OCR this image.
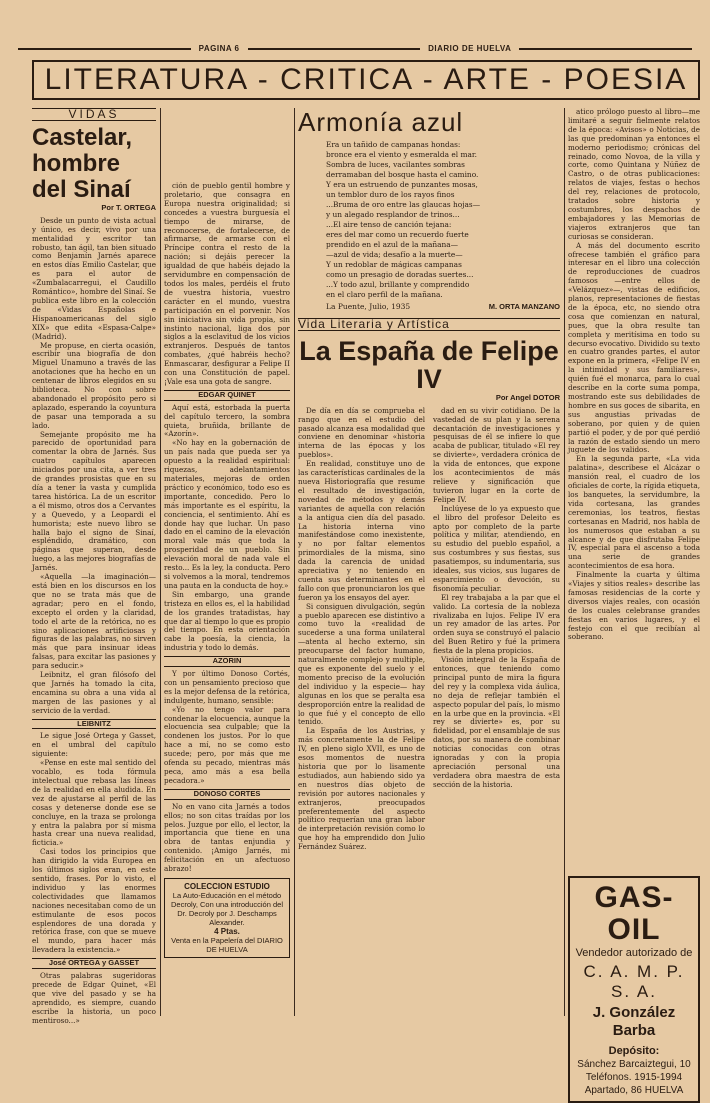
PAGINA 6	DIARIO DE HUELVA
LITERATURA - CRITICA - ARTE - POESIA
VIDAS
Castelar, hombre del Sinaí
Por T. ORTEGA

Desde un punto de vista actual y único, es decir, vivo por una mentalidad y escritor tan robusto, tan ágil, tan bien situado como Benjamín Jarnés aparece en estos días Emilio Castelar, que es para el autor de «Zumbalacarregui, el Caudillo Romántico», hombre del Sinaí. Se publica este libro en la colección de «Vidas Españolas e Hispanoamericanas del siglo XIX» que edita «Espasa-Calpe» (Madrid).

Me propuse, en cierta ocasión, escribir una biografía de don Miguel Unamuno a través de las anotaciones que ha hecho en un centenar de libros elegidos en su biblioteca. No con sobre abandonado el propósito pero si aplazado, esperando la coyuntura de pasar una temporada a su lado.

Semejante propósito me ha parecido de oportunidad para comentar la obra de Jarnés. Sus cuatro capítulos aparecen iniciados por una cita, a ver tres de grandes prosistas que en su día a tener la vasta y cumplida tarea histórica. La de un escritor a él mismo, otros dos a Cervantes y a Quevedo, y a Leopardi el humorista; este nuevo libro se halla bajo el signo de Sinaí, espléndido, dramático, con páginas que superan, desde luego, a las mejores biografías de Jarnés.

«Aquella —la imaginación— está bien en los discursos en los que no se trata más que de agradar; pero en el fondo, excepto el orden y la claridad, todo el arte de la retórica, no es sino aplicaciones artificiosas y figuras de las palabras, no sirven más que para insinuar ideas falsas, para excitar las pasiones y para seducir.»

Leibnitz, el gran filósofo del que Jarnés ha tomado la cita, encamina su obra a una vida al margen de las pasiones y al servicio de la verdad.

LEIBNITZ

Le sigue José Ortega y Gasset, en el umbral del capítulo siguiente:

«Pense en este mal sentido del vocablo, es toda fórmula intelectual que rebasa las líneas de la realidad en ella aludida. En vez de ajustarse al perfil de las cosas y detenerse donde ese se concluye, en la traza se prolonga y entra la palabra por sí misma hasta crear una nueva realidad, ficticia.»

Casi todos los principios que han dirigido la vida Europea en los últimos siglos eran, en este sentido, frases. Por lo visto, el individuo y las enormes colectividades que llamamos naciones necesitaban como de un estimulante de esos pocos esplendores de una dorada y retórica frase, con que se mueve el mundo, para hacer más llevadera la existencia.»

José ORTEGA y GASSET

Otras palabras sugeridoras precede de Edgar Quinet, «El que vive del pasado y se ha aprendido, es siempre, cuando escribe la historia, un poco mentiroso...»

ción de pueblo gentil hombre y proletario, que consagra en Europa nuestra originalidad; si concedes a vuestra burguesía el tiempo de mirarse, de reconocerse, de fortalecerse, de afirmarse, de armarse con el Príncipe contra el resto de la nación; si dejáis perecer la igualdad de que habéis dejado la servidumbre en compensación de todos los males, perdéis el fruto de vuestra historia, vuestro carácter en el mundo, vuestra participación en el porvenir. Nos sin iniciativa sin vida propia, sin instinto nacional, liga dos por siglos a la esclavitud de los vicios extranjeros. Después de tantos combates, ¿qué habréis hecho? Enmascarar, desfigurar a Felipe II con una Constitución de papel. ¡Vale esa una gota de sangre.

EDGAR QUINET

Aquí está, estorbada la puerta del capítulo tercero, la sombra quieta, bruñida, brillante de «Azorín».

«No hay en la gobernación de un país nada que pueda ser ya opuesto a la realidad espiritual: riquezas, adelantamientos materiales, mejoras de orden práctico y económico, todo eso es importante, concedido. Pero lo más importante es el espíritu, la conciencia, el sentimiento. Ahí es donde hay que luchar. Un paso dado en el camino de la elevación moral vale más que toda la prosperidad de un pueblo. Sin elevación moral de nada vale el resto... Es la ley, la conducta. Pero si volvemos a la moral, tendremos una pauta en la conducta de hoy.»

Sin embargo, una grande tristeza en ellos es, el la habilidad de los grandes tratadistas, hay que dar al tiempo lo que es propio del tiempo. En esta orientación cabe la poesía, la ciencia, la industria y todo lo demás.

AZORIN

Y por último Donoso Cortés, con un pensamiento precioso que es la mejor defensa de la retórica, indulgente, humano, sensible:

«Yo no tengo valor para condenar la elocuencia, aunque la elocuencia sea culpable; que la condenen los justos. Por lo que hace a mí, no se como esto sucede; pero, por más que me ofenda su pecado, mientras más peca, amo más a esa bella pecadora.»

DONOSO CORTES

No en vano cita Jarnés a todos ellos; no son citas traídas por los pelos. Juzgue por ello, el lector, la importancia que tiene en una obra de tantas enjundia y contenido. ¡Amigo Jarnés, mi felicitación en un afectuoso abrazo!

COLECCION ESTUDIO
La Auto-Educación en el método Decroly, Con una introducción del Dr. Decroly por J. Deschamps Alexander.
4 Ptas.
Venta en la Papelería del DIARIO DE HUELVA
Armonía azul
Era un tañido de campanas hondas:
bronce era el viento y esmeralda el mar.
Sombra de luces, vacilantes sombras
derramaban del bosque hasta el camino.
Y era un estruendo de punzantes mosas,
un temblor duro de los rayos finos
...Bruma de oro entre las glaucas hojas—
y un alegado resplandor de trinos...
...El aire tenso de canción tejana:
eres del mar como un recuerdo fuerte
prendido en el azul de la mañana—
—azul de vida; desafío a la muerte—
Y un redoblar de mágicas campanas
como un presagio de doradas suertes...
...Y todo azul, brillante y comprendido
en el claro perfil de la mañana.
La Puente, Julio, 1935	M. ORTA MANZANO
Vida Literaria y Artística
La España de Felipe IV
Por Angel DOTOR

De día en día se comprueba el rango que en el estudio del pasado alcanza esa modalidad que conviene en denominar «historia interna de las épocas y los pueblos».

En realidad, constituye uno de las características cardinales de la nueva Historiografía que resume el resultado de investigación, novedad de métodos y demás variantes de aquella con relación a la antigua cien día del pasado. La historia interna vino manifestándose como inexistente, y no por faltar elementos primordiales de la misma, sino dada la carencia de unidad apreciativa y no teniendo en cuenta sus determinantes en el fallo con que pronunciaron los que fueron ya los ensayos del ayer.

Si consiguen divulgación, según a pueblo aparecen ese distintivo a como tuvo la «realidad de sucederse a una forma unilateral—atenta al hecho externo, sin preocuparse del factor humano, naturalmente complejo y multiple, que es exponente del suelo y el momento preciso de la evolución del individuo y la especie— hay algunas en los que se peralta esa desproporción entre la realidad de lo que fué y el concepto de ello tenido.

La España de los Austrias, y más concretamente la de Felipe IV, en pleno siglo XVII, es uno de esos momentos de nuestra historia que por lo lisamente estudiados, aun habiendo sido ya en nuestros días objeto de revisión por autores nacionales y extranjeros, preocupados preferentemente del aspecto político requerían una gran labor de interpretación revisión como lo que hoy ha emprendido don Julio Fernández Suárez.

dad en su vivir cotidiano. De la vastedad de su plan y la serena decantación de investigaciones y pesquisas de él se infiere lo que acaba de publicar, titulado «El rey se divierte», verdadera crónica de la vida de entonces, que expone los acontecimientos de más relieve y significación que tuvieron lugar en la corte de Felipe IV.

Inclúyese de lo ya expuesto que el libro del profesor Deleito es apto por completo de la parte política y militar, atendiendo, en su estudio del pueblo español, a sus costumbres y sus fiestas, sus pasatiempos, su indumentaria, sus ideales, sus vicios, sus lugares de esparcimiento o devoción, su fisonomía peculiar.

El rey trabajaba a la par que el valido. La cortesía de la nobleza rivalizaba en lujos. Felipe IV era un rey amador de las artes. Por orden suya se construyó el palacio del Buen Retiro y fué la primera fiesta de la plena propicios.

Visión integral de la España de entonces, que teniendo como principal punto de mira la figura del rey y la complexa vida áulica, no deja de reflejar también el aspecto popular del país, lo mismo en la urbe que en la provincia. «El rey se divierte» es, por su fidelidad, por el ensamblaje de sus datos, por su manera de combinar noticias conocidas con otras ignoradas y con la propia apreciación personal una verdadera obra maestra de esta sección de la historia.

atico prólogo puesto al libro—me limitaré a seguir fielmente relatos de la época: «Avisos» o Noticias, de las que predominan ya entonces el moderno periodismo; crónicas del reinado, como Novoa, de la villa y corte, como Quintana y Núñez de Castro, o de otras publicaciones: relatos de viajes, festas o hechos del rey, relaciones de protocolo, tratados sobre historia y costumbres, los despachos de embajadores y las Memorias de viajeros extranjeros que tan curiosas se consideran.

A más del documento escrito ofrecese también el gráfico para interesar en el libro una colección de reproducciones de cuadros famosos —entre ellos de «Velázquez»—, vistas de edificios, planos, representaciones de fiestas de la época, etc, no siendo otra cosa que comienzan en natural, pues, que la obra resulte tan completa y meritísima en todo su decurso evocativo. Dividido su texto en cuatro grandes partes, el autor expone en la primera, «Felipe IV en la intimidad y sus familiares», quién fué el monarca, para lo cual describe en la corte suma pompa, mostrando este sus debilidades de hombre en sus goces de sibarita, en sus angustias privadas de soberano, por quien y de quien partió el poder, y de por qué perdió la razón de estado siendo un mero juguete de los validos.

En la segunda parte, «La vida palatina», describese el Alcázar o mansión real, el cuadro de los oficiales de corte, la rígida etiqueta, los banquetes, la servidumbre, la vida cortesana, las grandes ceremonias, los teatros, fiestas cortesanas en Madrid, nos habla de los numerosos que estaban a su alcance y de que disfrutaba Felipe IV, especial para el ascenso a toda una serie de grandes acontecimientos de esa hora.

Finalmente la cuarta y última «Viajes y sitios reales» describe las famosas residencias de la corte y diversos viajes reales, con ocasión de los cuales celebranse grandes fiestas en varios lugares, y el festejo con el que recibían al soberano.

GAS-OIL
Vendedor autorizado de
C. A. M. P. S. A.
J. González Barba
Depósito:
Sánchez Barcaiztegui, 10
Teléfonos. 1915-1994
Apartado, 86 HUELVA
